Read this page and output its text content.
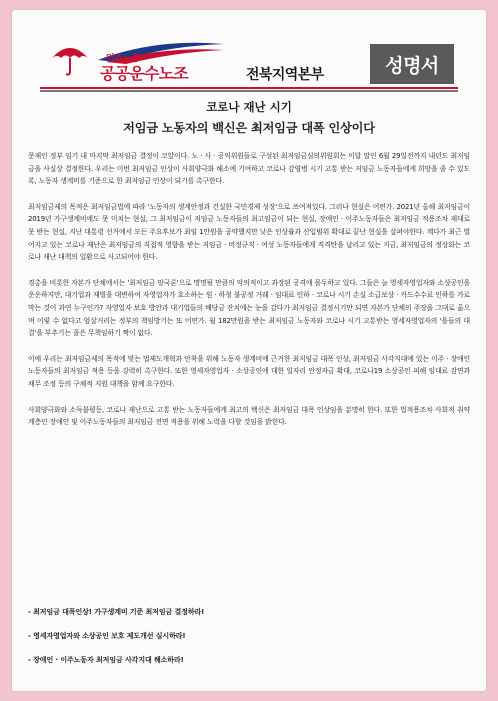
민주노총
공공운수노조	전북지역본부	성명서
코로나 재난 시기
저임금 노동자의 백신은 최저임금 대폭 인상이다

문재인 정부 임기 내 마지막 최저임금 결정이 코앞이다. 노 · 사 · 공익위원들로 구성된 최저임금심의위원회는 이달 말인 6월 29일전까지 내년도 최저임금을 사실상 결정한다. 우리는 이번 최저임금 인상이 사회양극화 해소에 기여하고 코로나 감염병 시기 고통 받는 저임금 노동자들에게 희망을 줄 수 있도록, 노동자 생계비를 기준으로 한 최저임금 인상이 되기를 촉구한다.

최저임금제의 목적은 최저임금법에 따라 '노동자의 생계안정과 건실한 국민경제 성장'으로 쓰여져있다. 그러나 현실은 어떤가. 2021년 올해 최저임금이 2019년 가구생계비에도 못 미치는 현실, 그 최저임금이 저임금 노동자들의 최고임금이 되는 현실, 장애인 · 이주노동자들은 최저임금 적용조차 제대로 못 받는 현실, 지난 대통령 선거에서 모든 주요후보가 최임 1만원을 공약했지만 낮은 인상률과 산입범위 확대로 끝난 현실을 살펴야한다. 계다가 최근 벌어지고 있는 코로나 재난은 최저임금의 직접적 영향을 받는 저임금 · 비정규직 · 여성 노동자들에게 직격탄을 날리고 있는 지금, 최저임금의 정상화는 코로나 재난 대책의 일환으로 사고되어야 한다.

경총을 비롯한 자본가 단체에서는 '최저임금 망국론'으로 명명될 만큼의 악의적이고 과장된 공격에 몰두하고 있다. 그들은 늘 영세자영업자와 소상공인을 운운하지만, 대기업과 재벌을 대변하여 자영업자가 호소하는 원 · 하청 불공정 거래 · 임대료 인하 · 코로나 시기 손실 소급보상 · 카드수수료 인하를 가로막는 것이 과연 누구인가? 자영업자 보호 방안과 대기업들의 배당금 잔치에는 눈을 감다가 최저임금 결정시기만 되면 자본가 단체의 주장을 그대로 옮으며 이렇 수 없다고 엄살거리는 정부의 책임방기는 또 어떤가. 월 182만원을 받는 최저임금 노동자와 코로나 시기 고통받는 영세자영업자의 '을들의 대결'을 부추기는 꼴은 무책임하기 짝이 없다.

이에 우리는 최저임금제의 목적에 맞는 법제도개혁과 안착을 위해 노동자 생계비에 근거한 최저임금 대폭 인상, 최저임금 사각지대에 있는 이주 · 장애인 노동자들의 최저임금 적용 등을 강력히 촉구한다. 또한 영세자영업자 · 소상공인에 대한 일자리 안정자금 확대, 코로나19 소상공인 피해 임대료 감면과 채무 조정 등의 구체적 지원 대책을 함께 요구한다.

사회양극화와 소득불평등, 코로나 재난으로 고통 받는 노동자들에게 최고의 백신은 최저임금 대폭 인상임을 분명히 한다. 또한 법적용조차 사회적 취약계층인 장애인 및 이주노동자들의 최저임금 전면 적용을 위해 노력을 다할 것임을 밝힌다.

- 최저임금 대폭인상! 가구생계비 기준 최저임금 결정하라!

- 영세자영업자와 소상공인 보호 제도개선 실시하라!

- 장애인 · 이주노동자 최저임금 사각지대 해소하라!
